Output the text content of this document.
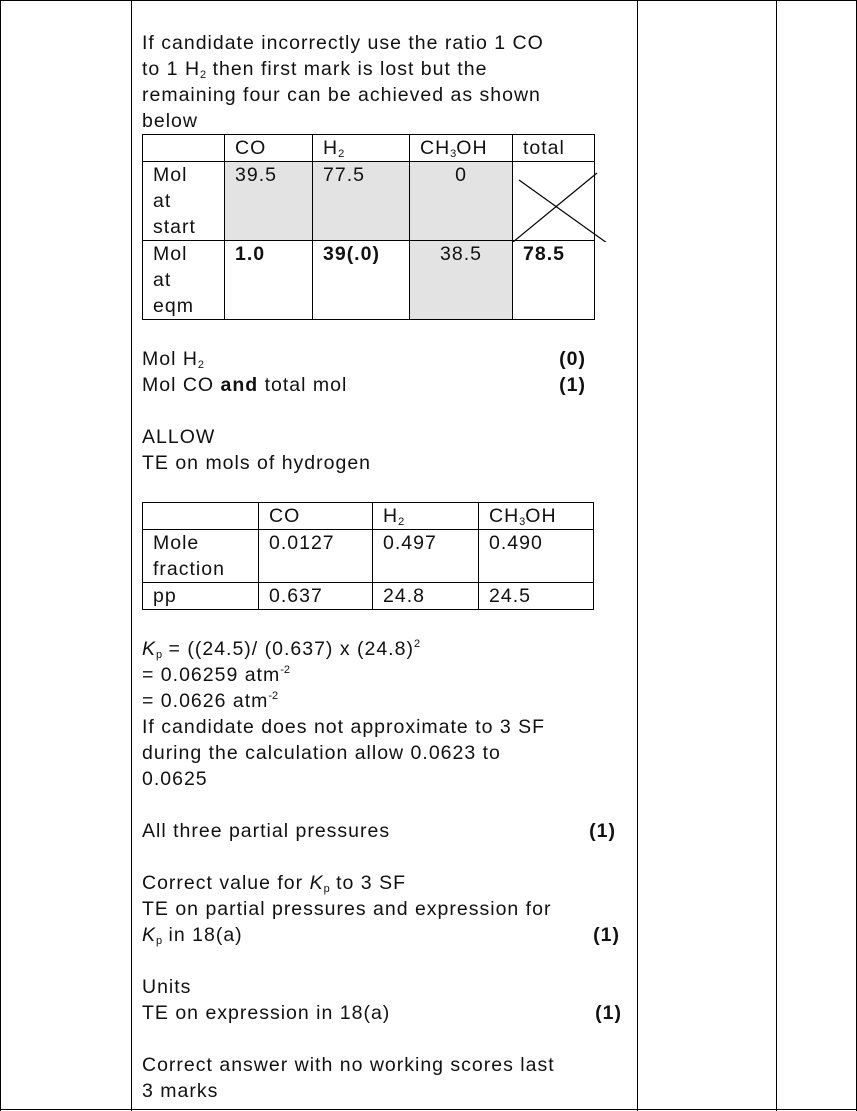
If candidate incorrectly use the ratio 1 CO

to 1 $H_2$ then first mark is lost but the

remaining four can be achieved as shown

below

	CO	$H_2$	$CH_3OH$	total

Mol
at
start	39.5	77.5	0	

Mol
at
eqm	1.0	39(.0)	38.5	78.5
Mol $H_2$	(0)
Mol CO and total mol	(1)

ALLOW

TE on mols of hydrogen

	CO	$H_2$	$CH_3OH$

Mole
fraction	0.0127	0.497	0.490
pp	0.637	24.8	24.5

$K_p = ((24.5)/$ (0.637) x $(24.8)^2$

= 0.06259 atm$^{-2}$

= 0.0626 atm$^{-2}$

If candidate does not approximate to 3 SF

during the calculation allow 0.0623 to

0.0625

All three partial pressures	(1)

Correct value for $K_p$ to 3 SF

TE on partial pressures and expression for

$K_p$ in 18(a)	(1)

Units

TE on expression in 18(a)	(1)

Correct answer with no working scores last

3 marks
